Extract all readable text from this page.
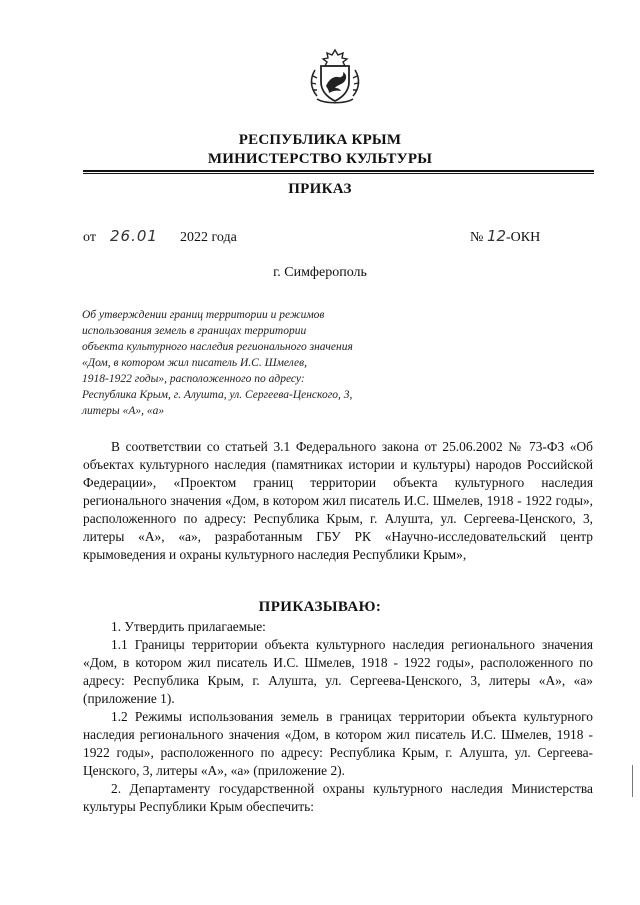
РЕСПУБЛИКА КРЫМ
МИНИСТЕРСТВО КУЛЬТУРЫ
ПРИКАЗ
от 26.01 2022 года	№ 12 -ОКН
г. Симферополь
Об утверждении границ территории и режимов
использования земель в границах территории
объекта культурного наследия регионального значения
«Дом, в котором жил писатель И.С. Шмелев,
1918-1922 годы», расположенного по адресу:
Республика Крым, г. Алушта, ул. Сергеева-Ценского, 3,
литеры «А», «а»

В соответствии со статьей 3.1 Федерального закона от 25.06.2002 № 73-ФЗ «Об объектах культурного наследия (памятниках истории и культуры) народов Российской Федерации», «Проектом границ территории объекта культурного наследия регионального значения «Дом, в котором жил писатель И.С. Шмелев, 1918 - 1922 годы», расположенного по адресу: Республика Крым, г. Алушта, ул. Сергеева-Ценского, 3, литеры «А», «а», разработанным ГБУ РК «Научно-исследовательский центр крымоведения и охраны культурного наследия Республики Крым»,

ПРИКАЗЫВАЮ:

1. Утвердить прилагаемые:

1.1 Границы территории объекта культурного наследия регионального значения «Дом, в котором жил писатель И.С. Шмелев, 1918 - 1922 годы», расположенного по адресу: Республика Крым, г. Алушта, ул. Сергеева-Ценского, 3, литеры «А», «а» (приложение 1).

1.2 Режимы использования земель в границах территории объекта культурного наследия регионального значения «Дом, в котором жил писатель И.С. Шмелев, 1918 - 1922 годы», расположенного по адресу: Республика Крым, г. Алушта, ул. Сергеева-Ценского, 3, литеры «А», «а» (приложение 2).

2. Департаменту государственной охраны культурного наследия Министерства культуры Республики Крым обеспечить:
